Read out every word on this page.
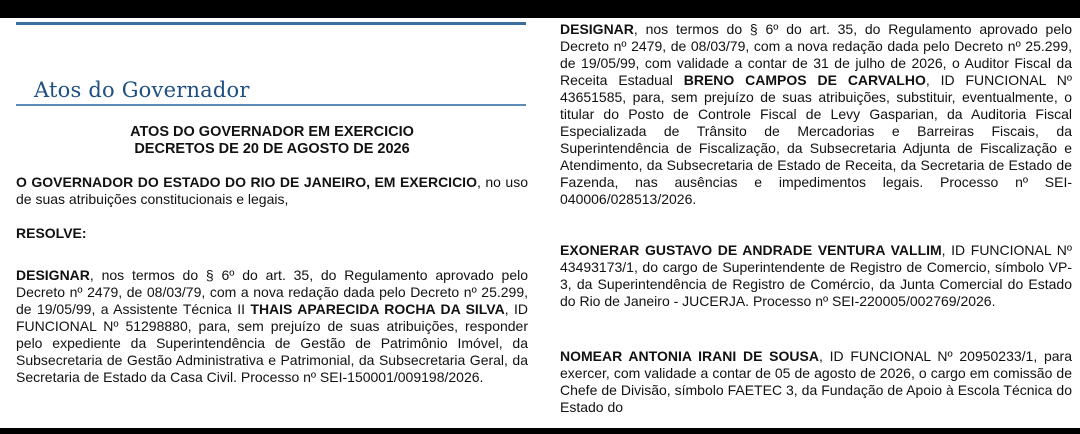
Atos do Governador
ATOS DO GOVERNADOR EM EXERCICIO
DECRETOS DE 20 DE AGOSTO DE 2026

O GOVERNADOR DO ESTADO DO RIO DE JANEIRO, EM EXERCICIO, no uso de suas atribuições constitucionais e legais,

RESOLVE:

DESIGNAR, nos termos do § 6º do art. 35, do Regulamento aprovado pelo Decreto nº 2479, de 08/03/79, com a nova redação dada pelo Decreto nº 25.299, de 19/05/99, a Assistente Técnica II THAIS APARECIDA ROCHA DA SILVA, ID FUNCIONAL Nº 51298880, para, sem prejuízo de suas atribuições, responder pelo expediente da Superintendência de Gestão de Patrimônio Imóvel, da Subsecretaria de Gestão Administrativa e Patrimonial, da Subsecretaria Geral, da Secretaria de Estado da Casa Civil. Processo nº SEI-150001/009198/2026.

DESIGNAR, nos termos do § 6º do art. 35, do Regulamento aprovado pelo Decreto nº 2479, de 08/03/79, com a nova redação dada pelo Decreto nº 25.299, de 19/05/99, com validade a contar de 31 de julho de 2026, o Auditor Fiscal da Receita Estadual BRENO CAMPOS DE CARVALHO, ID FUNCIONAL Nº 43651585, para, sem prejuízo de suas atribuições, substituir, eventualmente, o titular do Posto de Controle Fiscal de Levy Gasparian, da Auditoria Fiscal Especializada de Trânsito de Mercadorias e Barreiras Fiscais, da Superintendência de Fiscalização, da Subsecretaria Adjunta de Fiscalização e Atendimento, da Subsecretaria de Estado de Receita, da Secretaria de Estado de Fazenda, nas ausências e impedimentos legais. Processo nº SEI-040006/028513/2026.

EXONERAR GUSTAVO DE ANDRADE VENTURA VALLIM, ID FUNCIONAL Nº 43493173/1, do cargo de Superintendente de Registro de Comercio, símbolo VP-3, da Superintendência de Registro de Comércio, da Junta Comercial do Estado do Rio de Janeiro - JUCERJA. Processo nº SEI-220005/002769/2026.

NOMEAR ANTONIA IRANI DE SOUSA, ID FUNCIONAL Nº 20950233/1, para exercer, com validade a contar de 05 de agosto de 2026, o cargo em comissão de Chefe de Divisão, símbolo FAETEC 3, da Fundação de Apoio à Escola Técnica do Estado do
